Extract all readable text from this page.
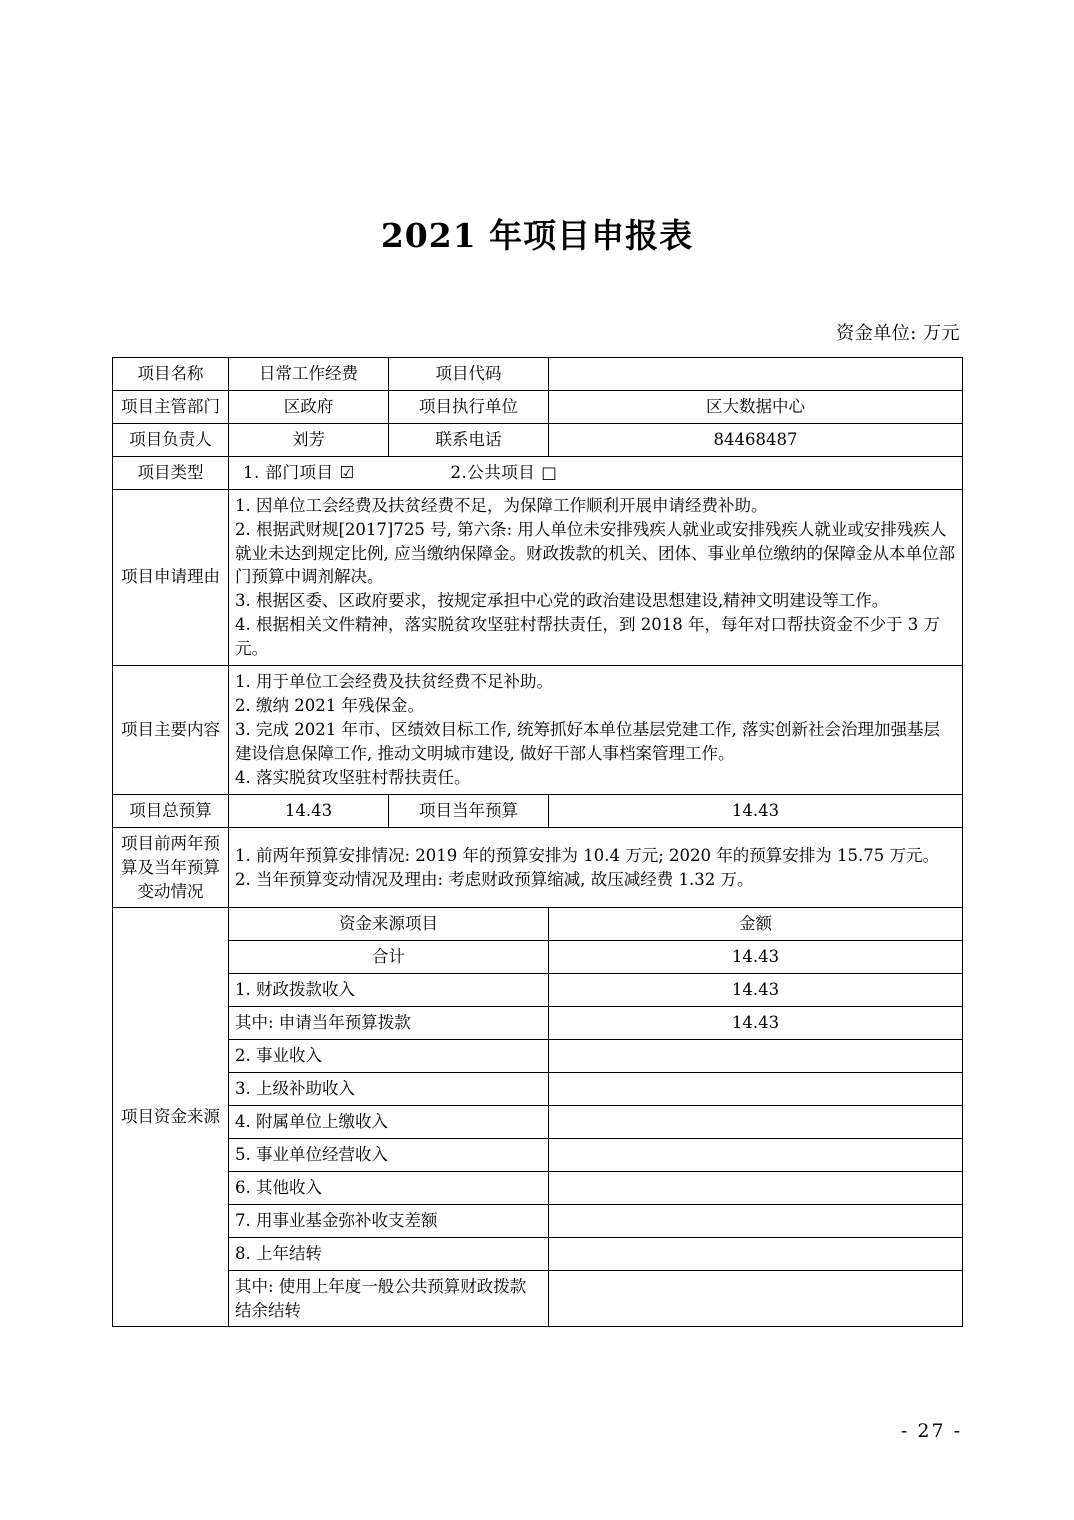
2021 年项目申报表
资金单位: 万元
项目名称	日常工作经费	项目代码	
项目主管部门	区政府	项目执行单位	区大数据中心
项目负责人	刘芳	联系电话	84468487
项目类型	1. 部门项目 ☑ 2.公共项目 □		
项目申请理由	1. 因单位工会经费及扶贫经费不足，为保障工作顺利开展申请经费补助。

2. 根据武财规[2017]725 号, 第六条: 用人单位未安排残疾人就业或安排残疾人就业或安排残疾人就业未达到规定比例, 应当缴纳保障金。财政拨款的机关、团体、事业单位缴纳的保障金从本单位部门预算中调剂解决。

3. 根据区委、区政府要求，按规定承担中心党的政治建设思想建设,精神文明建设等工作。

4. 根据相关文件精神，落实脱贫攻坚驻村帮扶责任，到 2018 年，每年对口帮扶资金不少于 3 万元。		

项目主要内容	1. 用于单位工会经费及扶贫经费不足补助。

2. 缴纳 2021 年残保金。

3. 完成 2021 年市、区绩效目标工作, 统筹抓好本单位基层党建工作, 落实创新社会治理加强基层建设信息保障工作, 推动文明城市建设, 做好干部人事档案管理工作。

4. 落实脱贫攻坚驻村帮扶责任。		

项目总预算	14.43	项目当年预算	14.43
项目前两年预算及当年预算变动情况	1. 前两年预算安排情况: 2019 年的预算安排为 10.4 万元; 2020 年的预算安排为 15.75 万元。

2. 当年预算变动情况及理由: 考虑财政预算缩减, 故压减经费 1.32 万。		

项目资金来源	资金来源项目		金额
	合计		14.43
	1. 财政拨款收入		14.43
	其中: 申请当年预算拨款		14.43
	2. 事业收入		
	3. 上级补助收入		
	4. 附属单位上缴收入		
	5. 事业单位经营收入		
	6. 其他收入		
	7. 用事业基金弥补收支差额		
	8. 上年结转		
	其中: 使用上年度一般公共预算财政拨款结余结转		
- 27 -
